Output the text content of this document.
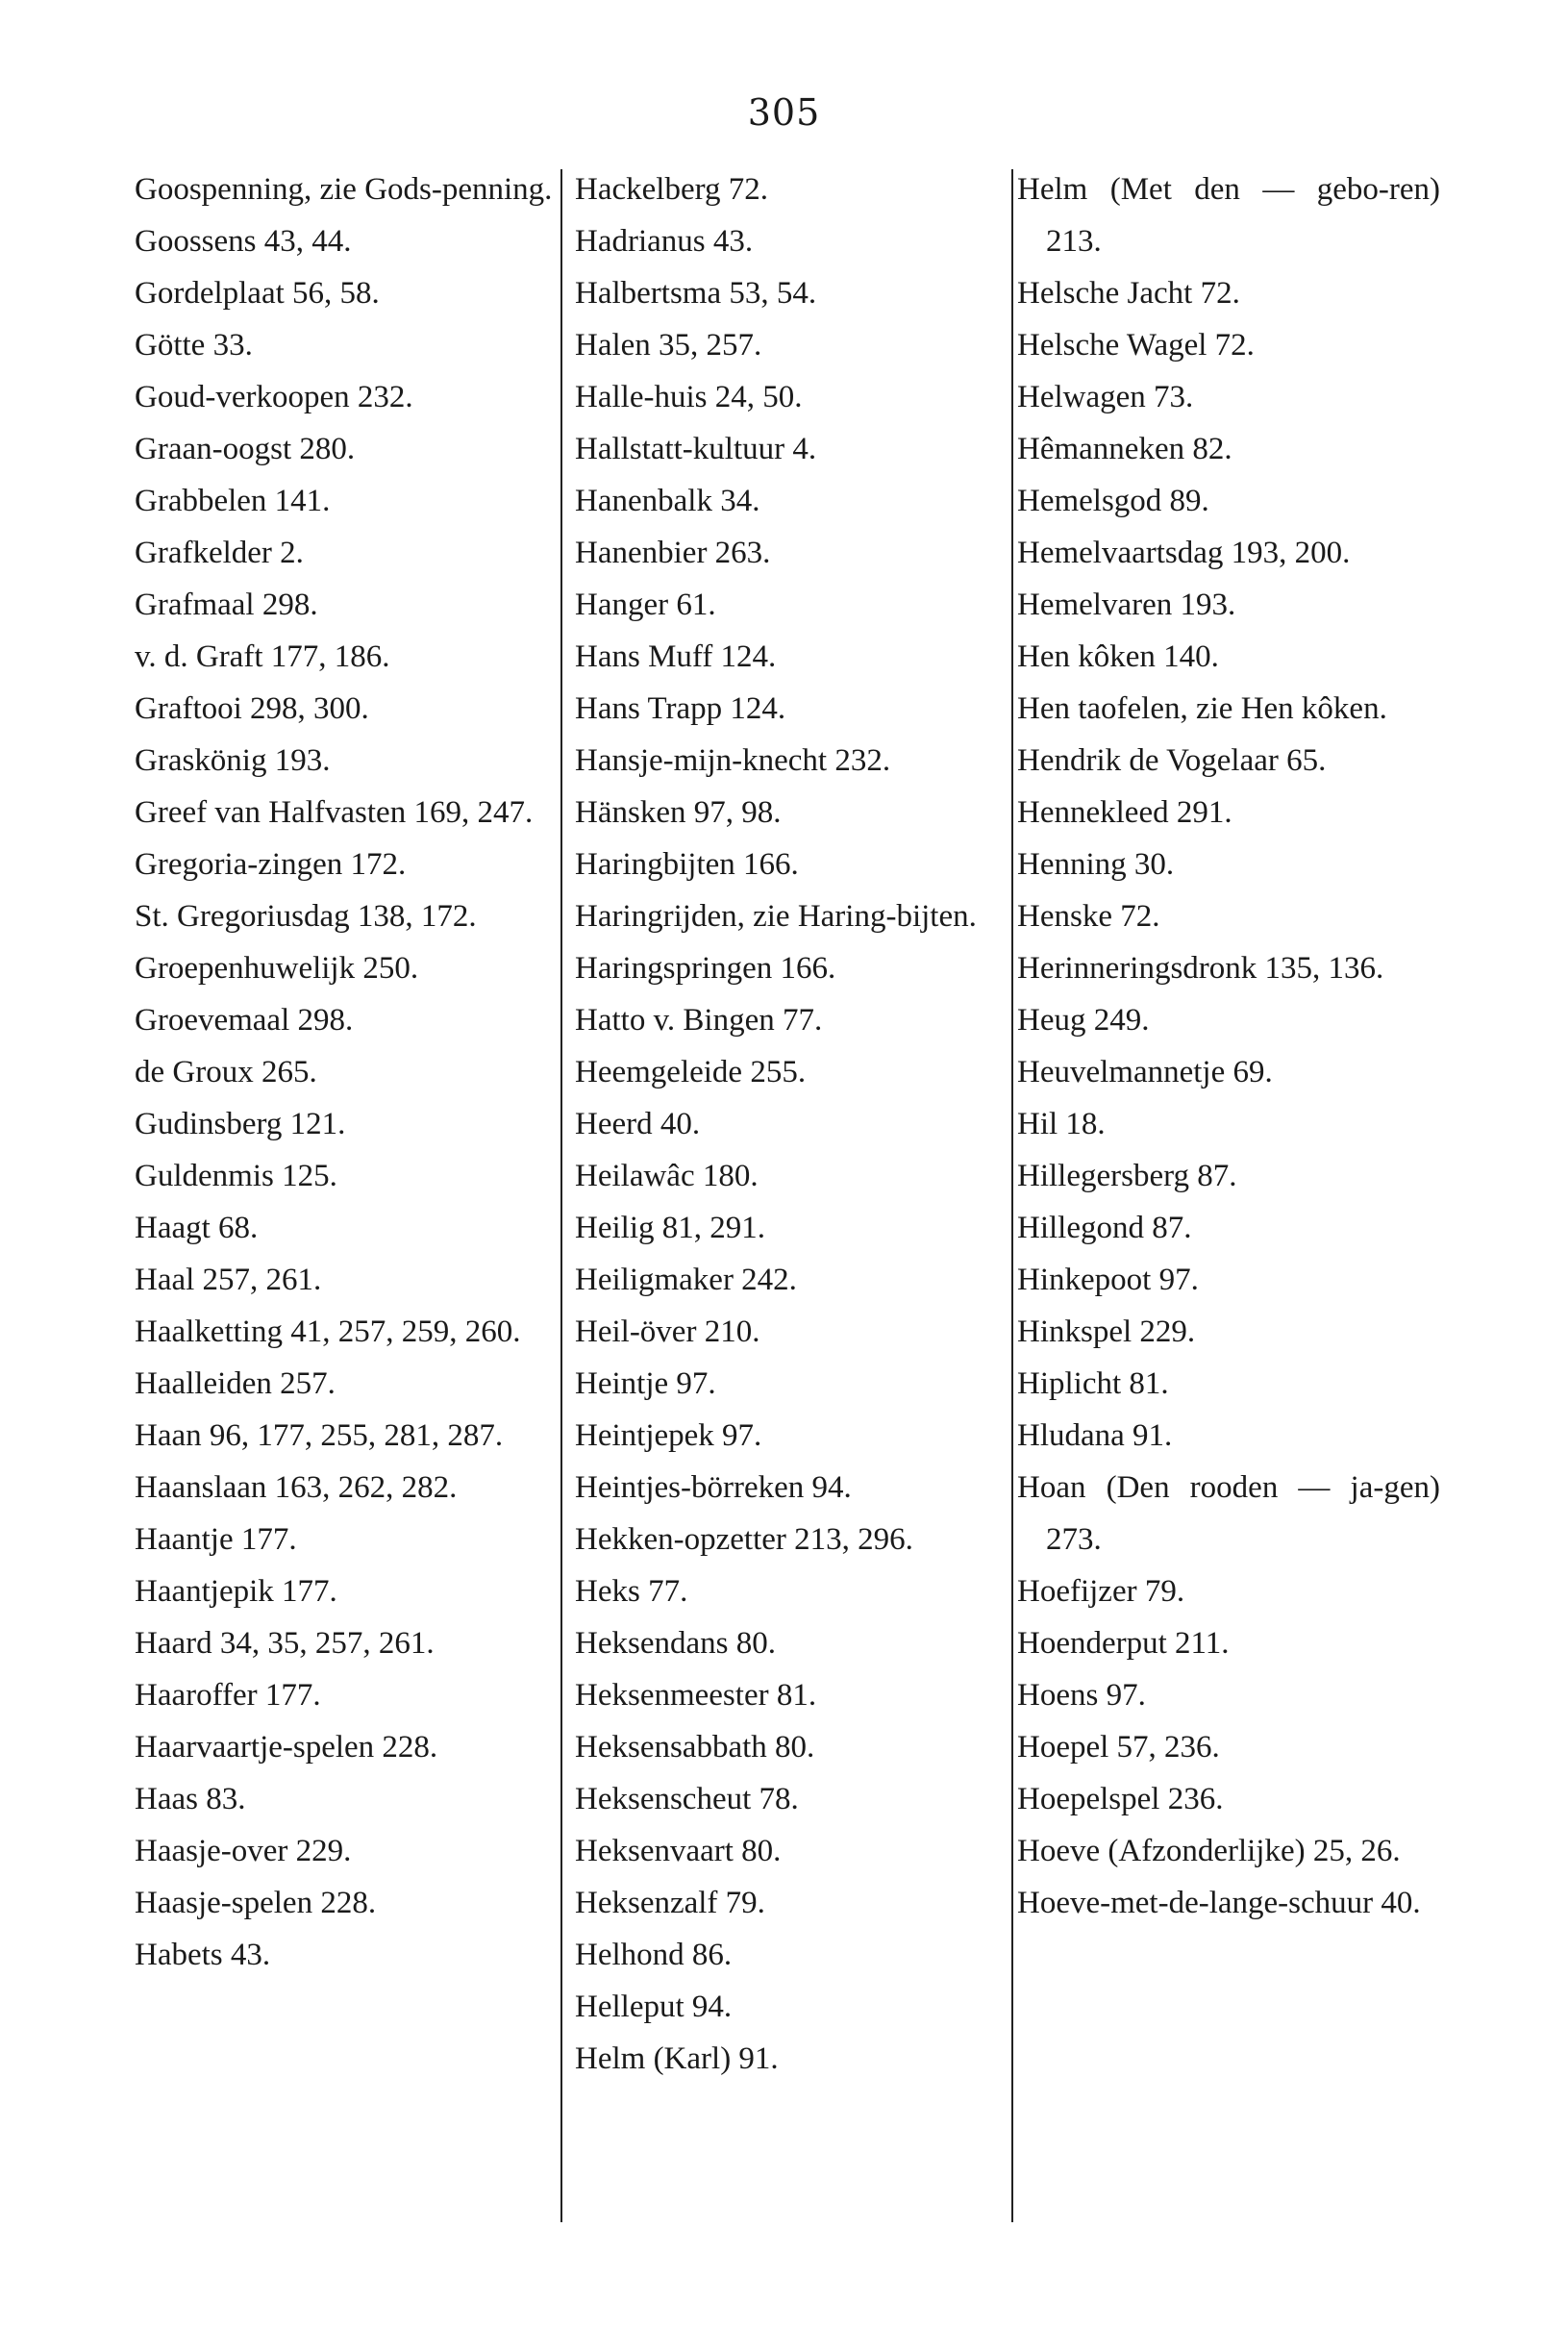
305
Goospenning, zie Gods-penning.
Goossens 43, 44.
Gordelplaat 56, 58.
Götte 33.
Goud-verkoopen 232.
Graan-oogst 280.
Grabbelen 141.
Grafkelder 2.
Grafmaal 298.
v. d. Graft 177, 186.
Graftooi 298, 300.
Graskönig 193.
Greef van Halfvasten 169, 247.
Gregoria-zingen 172.
St. Gregoriusdag 138, 172.
Groepenhuwelijk 250.
Groevemaal 298.
de Groux 265.
Gudinsberg 121.
Guldenmis 125.
Haagt 68.
Haal 257, 261.
Haalketting 41, 257, 259, 260.
Haalleiden 257.
Haan 96, 177, 255, 281, 287.
Haanslaan 163, 262, 282.
Haantje 177.
Haantjepik 177.
Haard 34, 35, 257, 261.
Haaroffer 177.
Haarvaartje-spelen 228.
Haas 83.
Haasje-over 229.
Haasje-spelen 228.
Habets 43.
Hackelberg 72.
Hadrianus 43.
Halbertsma 53, 54.
Halen 35, 257.
Halle-huis 24, 50.
Hallstatt-kultuur 4.
Hanenbalk 34.
Hanenbier 263.
Hanger 61.
Hans Muff 124.
Hans Trapp 124.
Hansje-mijn-knecht 232.
Hänsken 97, 98.
Haringbijten 166.
Haringrijden, zie Haring-bijten.
Haringspringen 166.
Hatto v. Bingen 77.
Heemgeleide 255.
Heerd 40.
Heilawâc 180.
Heilig 81, 291.
Heiligmaker 242.
Heil-över 210.
Heintje 97.
Heintjepek 97.
Heintjes-börreken 94.
Hekken-opzetter 213, 296.
Heks 77.
Heksendans 80.
Heksenmeester 81.
Heksensabbath 80.
Heksenscheut 78.
Heksenvaart 80.
Heksenzalf 79.
Helhond 86.
Helleput 94.
Helm (Karl) 91.
Helm (Met den — gebo-ren) 213.
Helsche Jacht 72.
Helsche Wagel 72.
Helwagen 73.
Hêmanneken 82.
Hemelsgod 89.
Hemelvaartsdag 193, 200.
Hemelvaren 193.
Hen kôken 140.
Hen taofelen, zie Hen kôken.
Hendrik de Vogelaar 65.
Hennekleed 291.
Henning 30.
Henske 72.
Herinneringsdronk 135, 136.
Heug 249.
Heuvelmannetje 69.
Hil 18.
Hillegersberg 87.
Hillegond 87.
Hinkepoot 97.
Hinkspel 229.
Hiplicht 81.
Hludana 91.
Hoan (Den rooden — ja-gen) 273.
Hoefijzer 79.
Hoenderput 211.
Hoens 97.
Hoepel 57, 236.
Hoepelspel 236.
Hoeve (Afzonderlijke) 25, 26.
Hoeve-met-de-lange-schuur 40.
